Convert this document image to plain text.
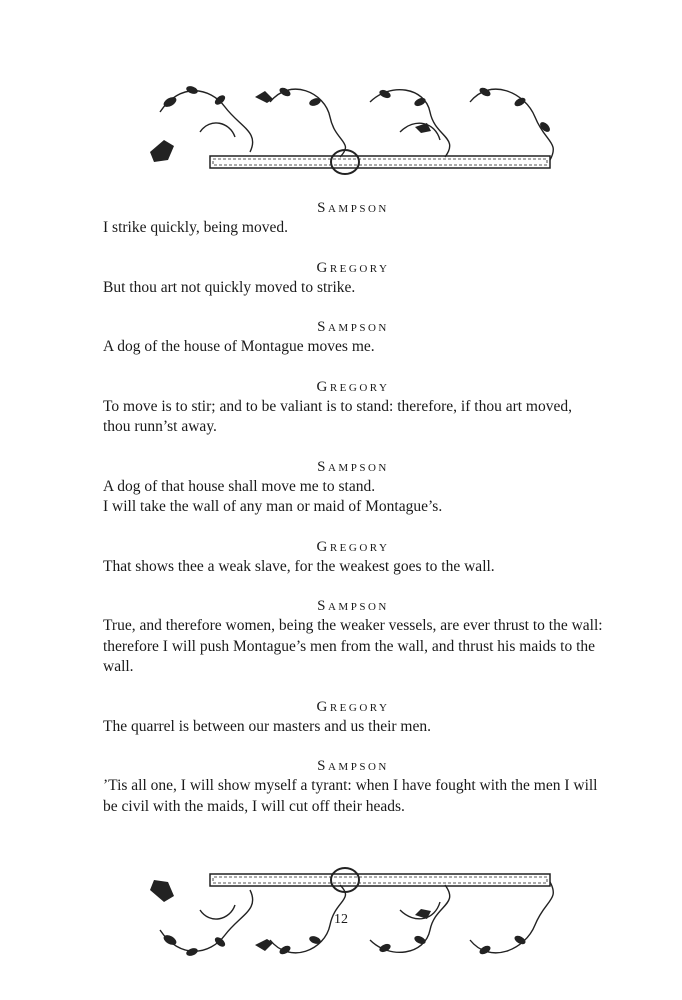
Sampson

I strike quickly, being moved.

Gregory

But thou art not quickly moved to strike.

Sampson

A dog of the house of Montague moves me.

Gregory

To move is to stir; and to be valiant is to stand: therefore, if thou art moved, thou runn’st away.

Sampson

A dog of that house shall move me to stand.

I will take the wall of any man or maid of Montague’s.

Gregory

That shows thee a weak slave, for the weakest goes to the wall.

Sampson

True, and therefore women, being the weaker vessels, are ever thrust to the wall: therefore I will push Montague’s men from the wall, and thrust his maids to the wall.

Gregory

The quarrel is between our masters and us their men.

Sampson

’Tis all one, I will show myself a tyrant: when I have fought with the men I will be civil with the maids, I will cut off their heads.

12
